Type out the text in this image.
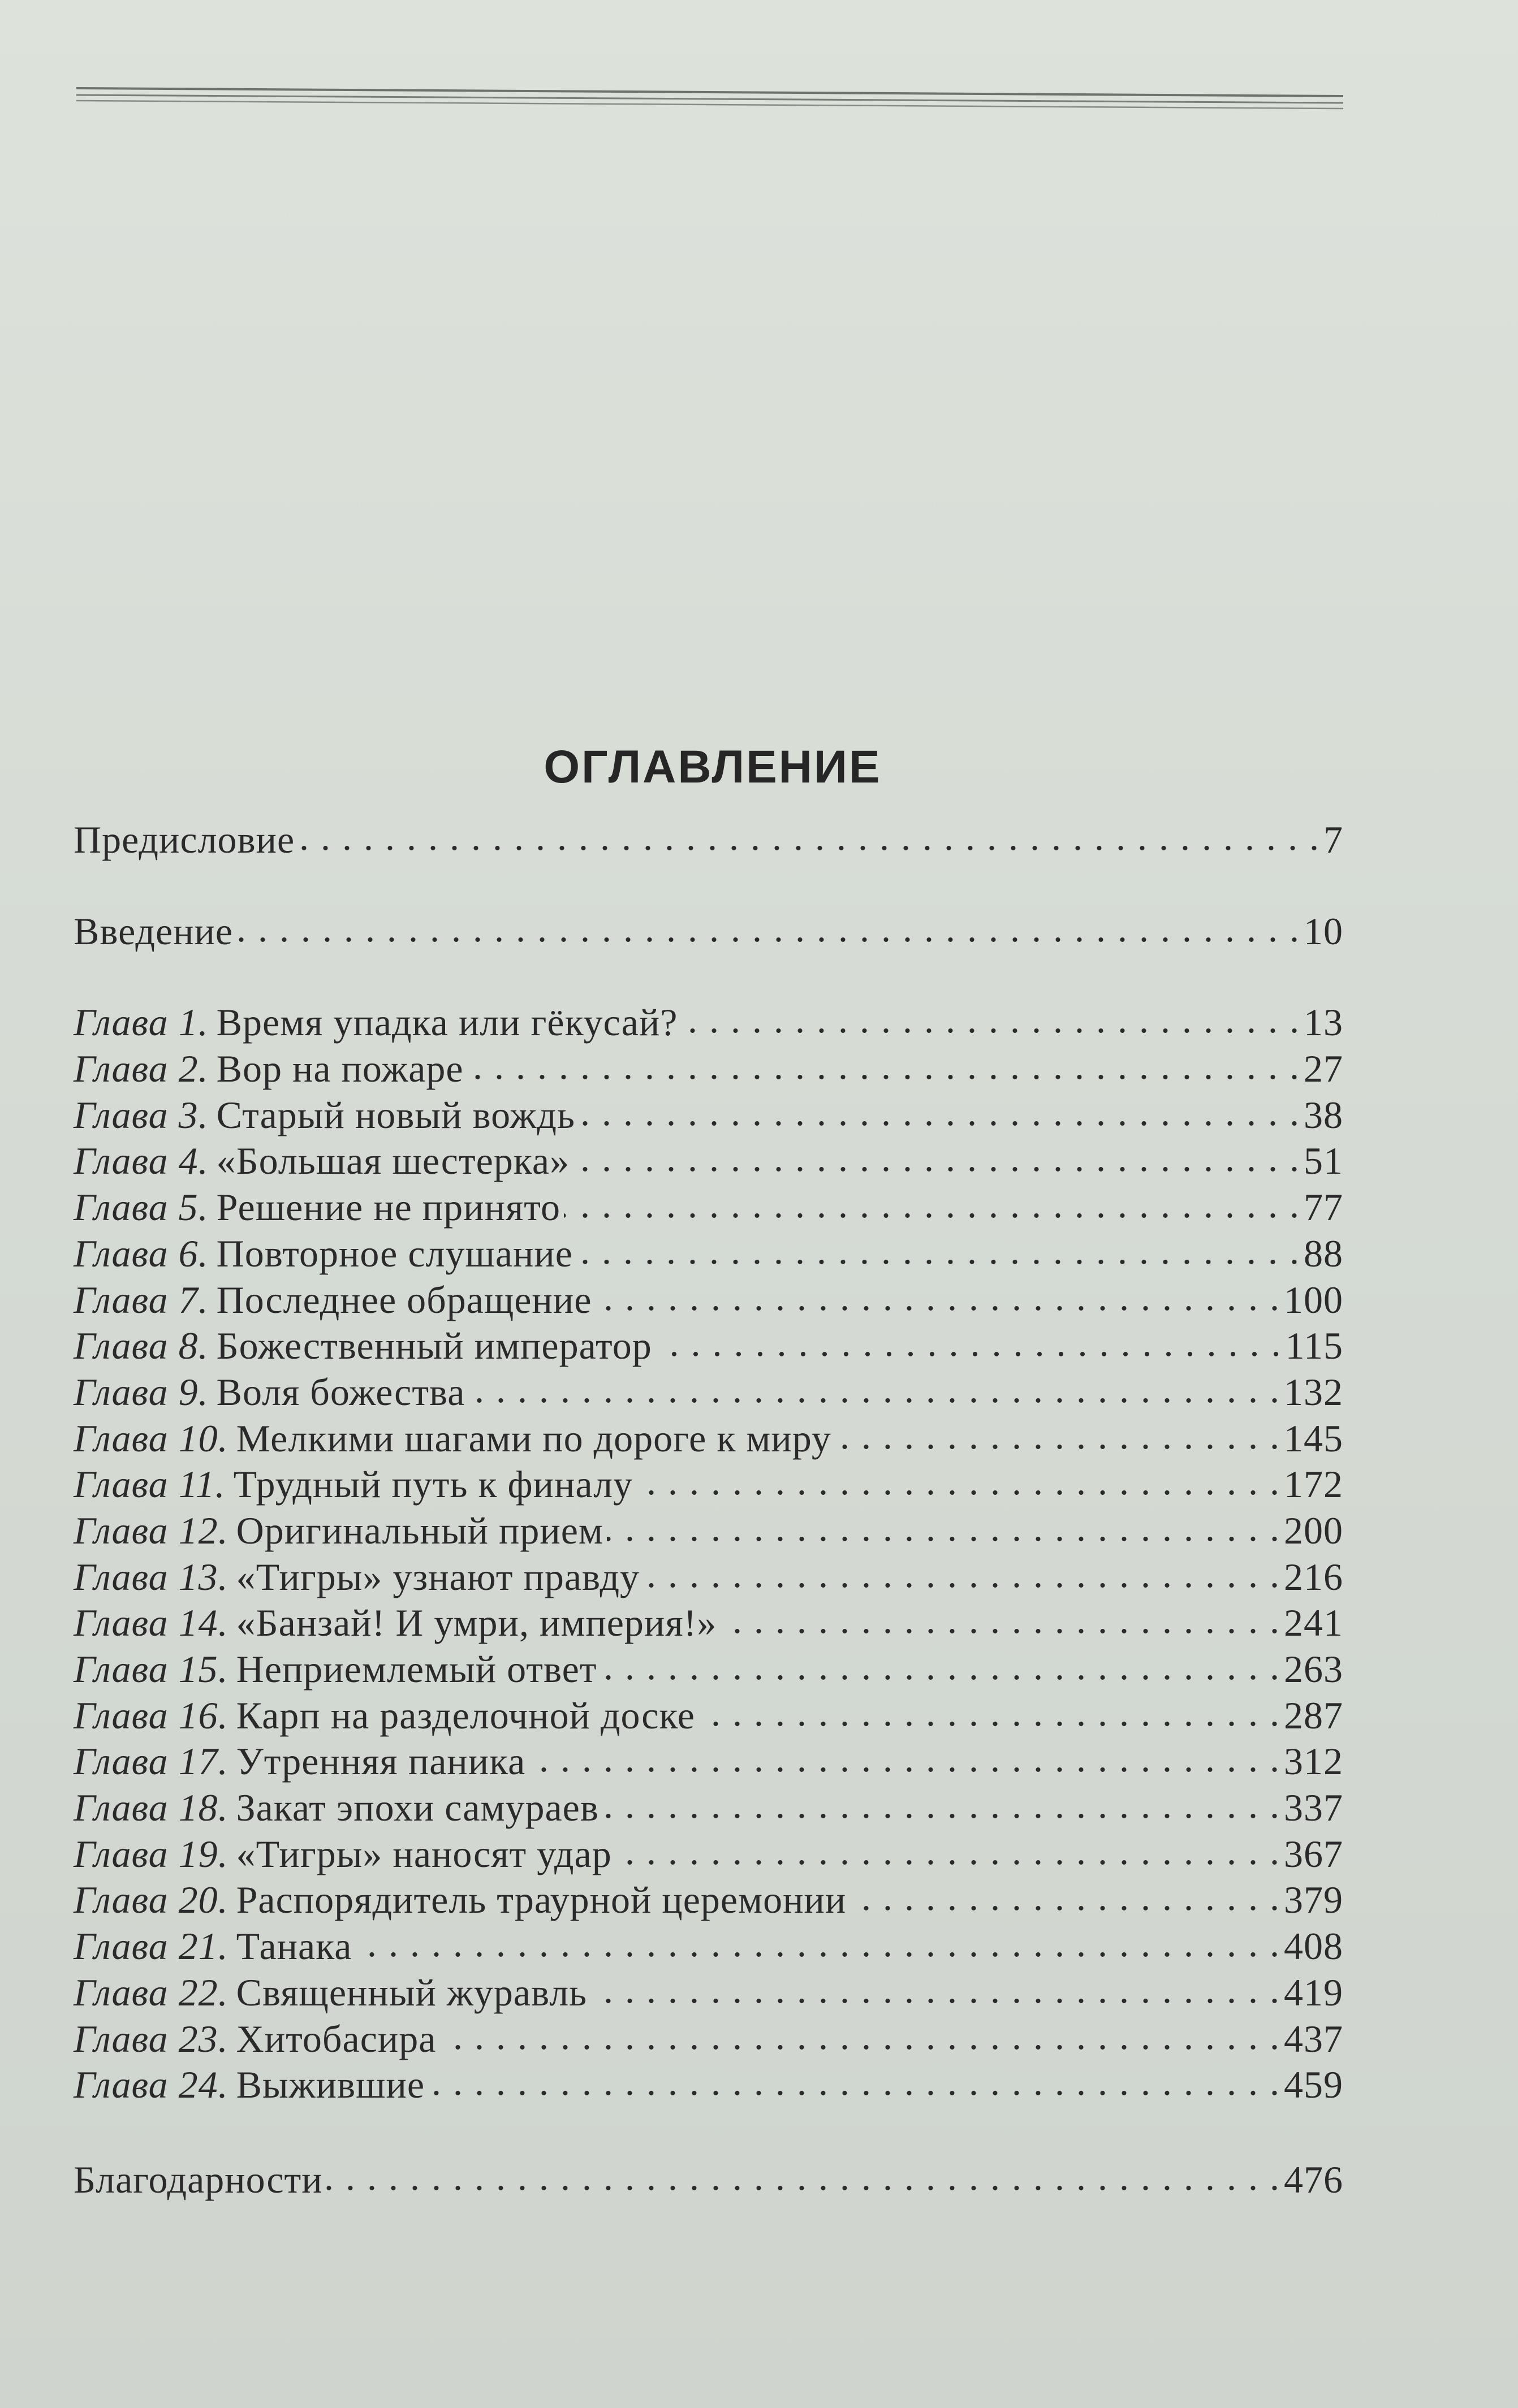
ОГЛАВЛЕНИЕ
Предисловие . . .	7
Введение . . .	10
Глава 1. Время упадка или гёкусай? . . .	13
Глава 2. Вор на пожаре . . .	27
Глава 3. Старый новый вождь . . .	38
Глава 4. «Большая шестерка» . . .	51
Глава 5. Решение не принято . . .	77
Глава 6. Повторное слушание . . .	88
Глава 7. Последнее обращение . . .	100
Глава 8. Божественный император . . .	115
Глава 9. Воля божества . . .	132
Глава 10. Мелкими шагами по дороге к миру . . .	145
Глава 11. Трудный путь к финалу . . .	172
Глава 12. Оригинальный прием . . .	200
Глава 13. «Тигры» узнают правду . . .	216
Глава 14. «Банзай! И умри, империя!» . . .	241
Глава 15. Неприемлемый ответ . . .	263
Глава 16. Карп на разделочной доске . . .	287
Глава 17. Утренняя паника . . .	312
Глава 18. Закат эпохи самураев . . .	337
Глава 19. «Тигры» наносят удар . . .	367
Глава 20. Распорядитель траурной церемонии . . .	379
Глава 21. Танака . . .	408
Глава 22. Священный журавль . . .	419
Глава 23. Хитобасира . . .	437
Глава 24. Выжившие . . .	459
Благодарности . . .	476
